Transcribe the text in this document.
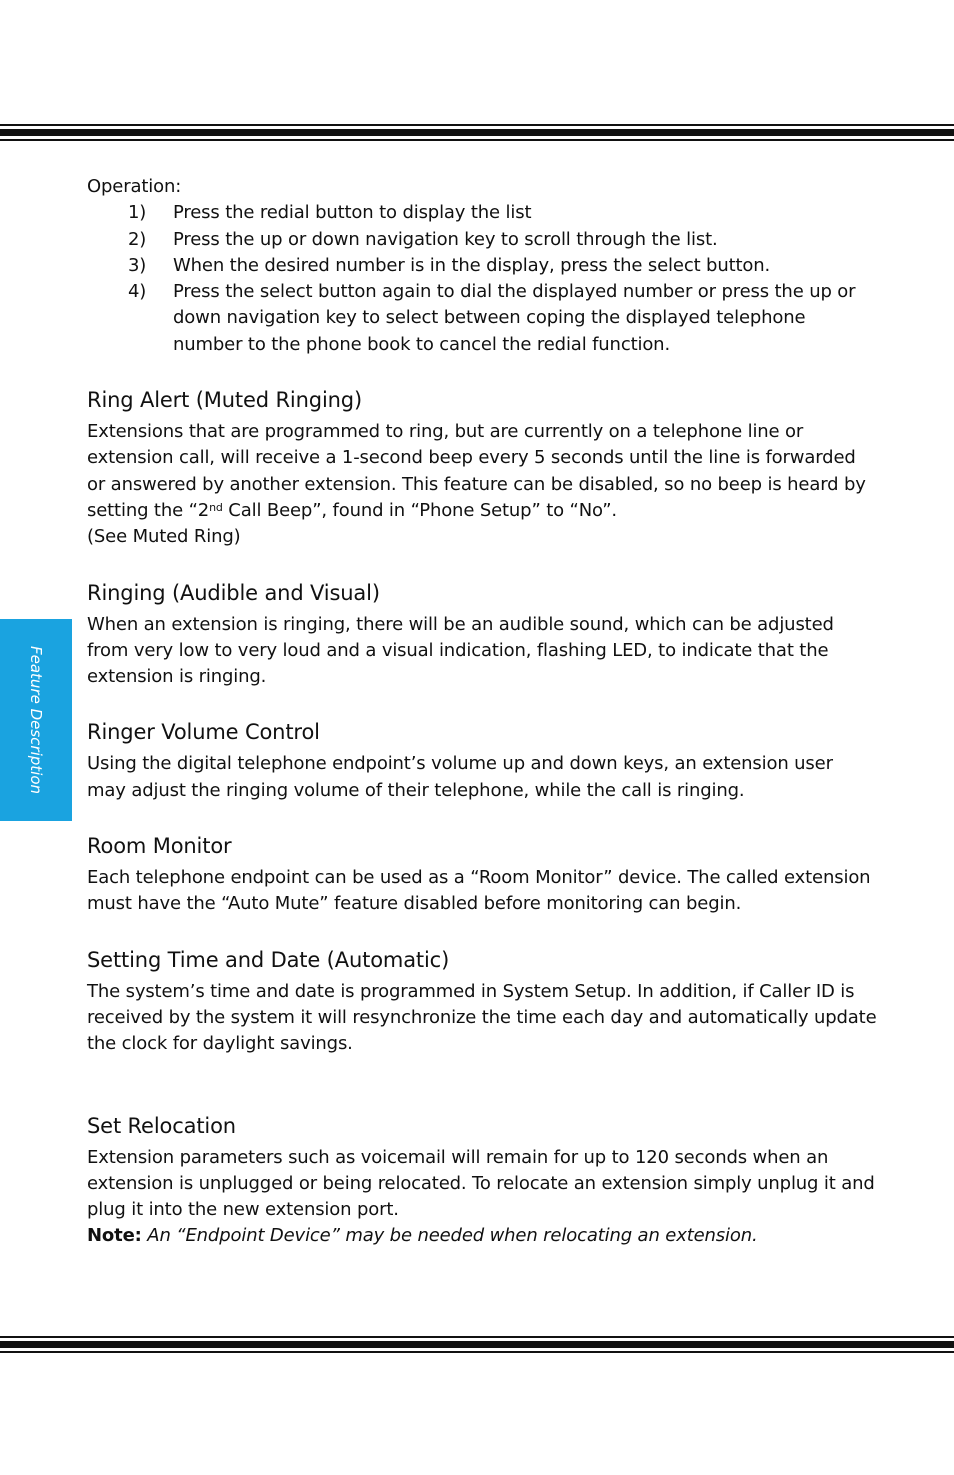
Feature Description

Operation:

1) Press the redial button to display the list
2) Press the up or down navigation key to scroll through the list.
3) When the desired number is in the display, press the select button.
4) Press the select button again to dial the displayed number or press the up or down navigation key to select between coping the displayed telephone number to the phone book to cancel the redial function.
Ring Alert (Muted Ringing)

Extensions that are programmed to ring, but are currently on a telephone line or extension call, will receive a 1-second beep every 5 seconds until the line is forwarded or answered by another extension. This feature can be disabled, so no beep is heard by setting the “2nd Call Beep”, found in “Phone Setup” to “No”.

(See Muted Ring)

Ringing (Audible and Visual)

When an extension is ringing, there will be an audible sound, which can be adjusted from very low to very loud and a visual indication, flashing LED, to indicate that the extension is ringing.

Ringer Volume Control

Using the digital telephone endpoint’s volume up and down keys, an extension user may adjust the ringing volume of their telephone, while the call is ringing.

Room Monitor

Each telephone endpoint can be used as a “Room Monitor” device. The called extension must have the “Auto Mute” feature disabled before monitoring can begin.

Setting Time and Date (Automatic)

The system’s time and date is programmed in System Setup. In addition, if Caller ID is received by the system it will resynchronize the time each day and automatically update the clock for daylight savings.

Set Relocation

Extension parameters such as voicemail will remain for up to 120 seconds when an extension is unplugged or being relocated. To relocate an extension simply unplug it and plug it into the new extension port.

Note: An “Endpoint Device” may be needed when relocating an extension.
